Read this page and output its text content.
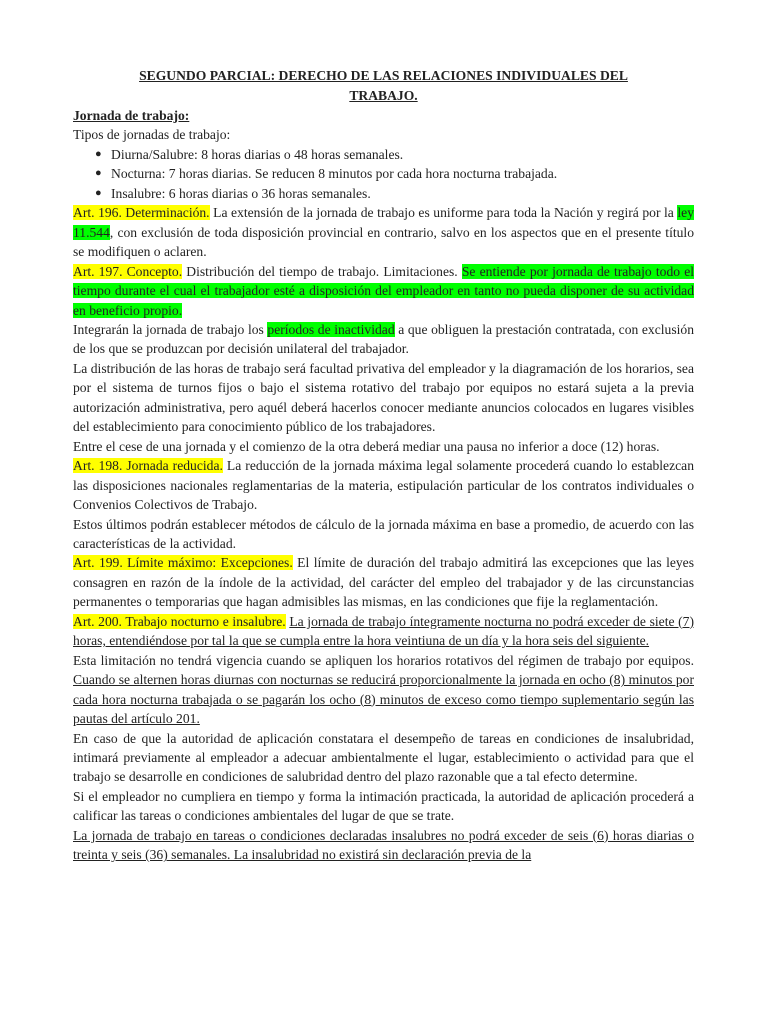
SEGUNDO PARCIAL: DERECHO DE LAS RELACIONES INDIVIDUALES DEL
TRABAJO.
Jornada de trabajo:

Tipos de jornadas de trabajo:

● Diurna/Salubre: 8 horas diarias o 48 horas semanales.
● Nocturna: 7 horas diarias. Se reducen 8 minutos por cada hora nocturna trabajada.
● Insalubre: 6 horas diarias o 36 horas semanales.

Art. 196. Determinación. La extensión de la jornada de trabajo es uniforme para toda la Nación y regirá por la ley 11.544, con exclusión de toda disposición provincial en contrario, salvo en los aspectos que en el presente título se modifiquen o aclaren.

Art. 197. Concepto. Distribución del tiempo de trabajo. Limitaciones. Se entiende por jornada de trabajo todo el tiempo durante el cual el trabajador esté a disposición del empleador en tanto no pueda disponer de su actividad en beneficio propio.

Integrarán la jornada de trabajo los períodos de inactividad a que obliguen la prestación contratada, con exclusión de los que se produzcan por decisión unilateral del trabajador.

La distribución de las horas de trabajo será facultad privativa del empleador y la diagramación de los horarios, sea por el sistema de turnos fijos o bajo el sistema rotativo del trabajo por equipos no estará sujeta a la previa autorización administrativa, pero aquél deberá hacerlos conocer mediante anuncios colocados en lugares visibles del establecimiento para conocimiento público de los trabajadores.

Entre el cese de una jornada y el comienzo de la otra deberá mediar una pausa no inferior a doce (12) horas.

Art. 198. Jornada reducida. La reducción de la jornada máxima legal solamente procederá cuando lo establezcan las disposiciones nacionales reglamentarias de la materia, estipulación particular de los contratos individuales o Convenios Colectivos de Trabajo.

Estos últimos podrán establecer métodos de cálculo de la jornada máxima en base a promedio, de acuerdo con las características de la actividad.

Art. 199. Límite máximo: Excepciones. El límite de duración del trabajo admitirá las excepciones que las leyes consagren en razón de la índole de la actividad, del carácter del empleo del trabajador y de las circunstancias permanentes o temporarias que hagan admisibles las mismas, en las condiciones que fije la reglamentación.

Art. 200. Trabajo nocturno e insalubre. La jornada de trabajo íntegramente nocturna no podrá exceder de siete (7) horas, entendiéndose por tal la que se cumpla entre la hora veintiuna de un día y la hora seis del siguiente.

Esta limitación no tendrá vigencia cuando se apliquen los horarios rotativos del régimen de trabajo por equipos. Cuando se alternen horas diurnas con nocturnas se reducirá proporcionalmente la jornada en ocho (8) minutos por cada hora nocturna trabajada o se pagarán los ocho (8) minutos de exceso como tiempo suplementario según las pautas del artículo 201.

En caso de que la autoridad de aplicación constatara el desempeño de tareas en condiciones de insalubridad, intimará previamente al empleador a adecuar ambientalmente el lugar, establecimiento o actividad para que el trabajo se desarrolle en condiciones de salubridad dentro del plazo razonable que a tal efecto determine.

Si el empleador no cumpliera en tiempo y forma la intimación practicada, la autoridad de aplicación procederá a calificar las tareas o condiciones ambientales del lugar de que se trate.

La jornada de trabajo en tareas o condiciones declaradas insalubres no podrá exceder de seis (6) horas diarias o treinta y seis (36) semanales. La insalubridad no existirá sin declaración previa de la
